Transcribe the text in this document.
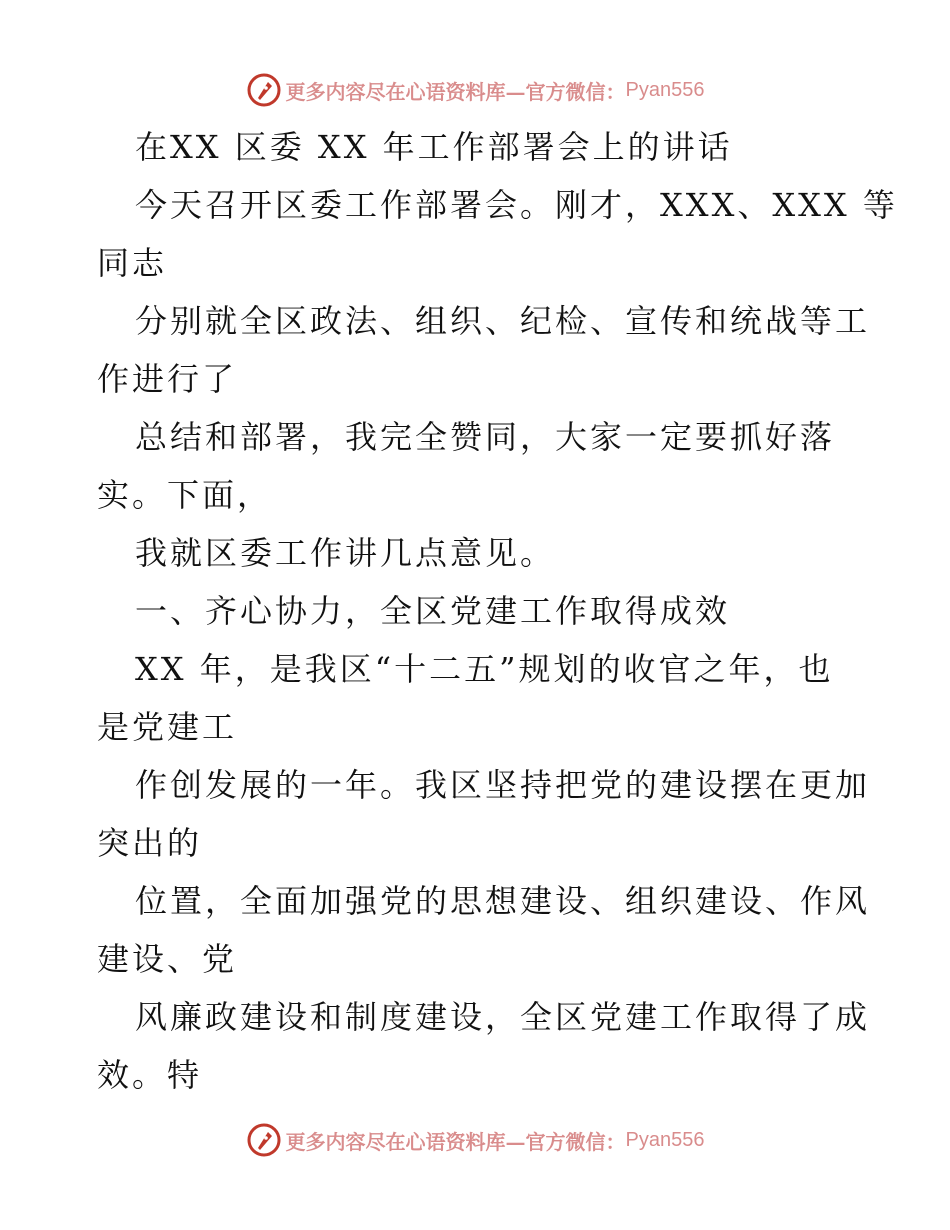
更多内容尽在心语资料库—官方微信： Pyan556
在XX 区委 XX 年工作部署会上的讲话
今天召开区委工作部署会。刚才，XXX、XXX 等
同志
分别就全区政法、组织、纪检、宣传和统战等工
作进行了
总结和部署，我完全赞同，大家一定要抓好落
实。下面，
我就区委工作讲几点意见。
一、齐心协力，全区党建工作取得成效
XX 年，是我区“十二五”规划的收官之年，也
是党建工
作创发展的一年。我区坚持把党的建设摆在更加
突出的
位置，全面加强党的思想建设、组织建设、作风
建设、党
风廉政建设和制度建设，全区党建工作取得了成
效。特
更多内容尽在心语资料库—官方微信： Pyan556
